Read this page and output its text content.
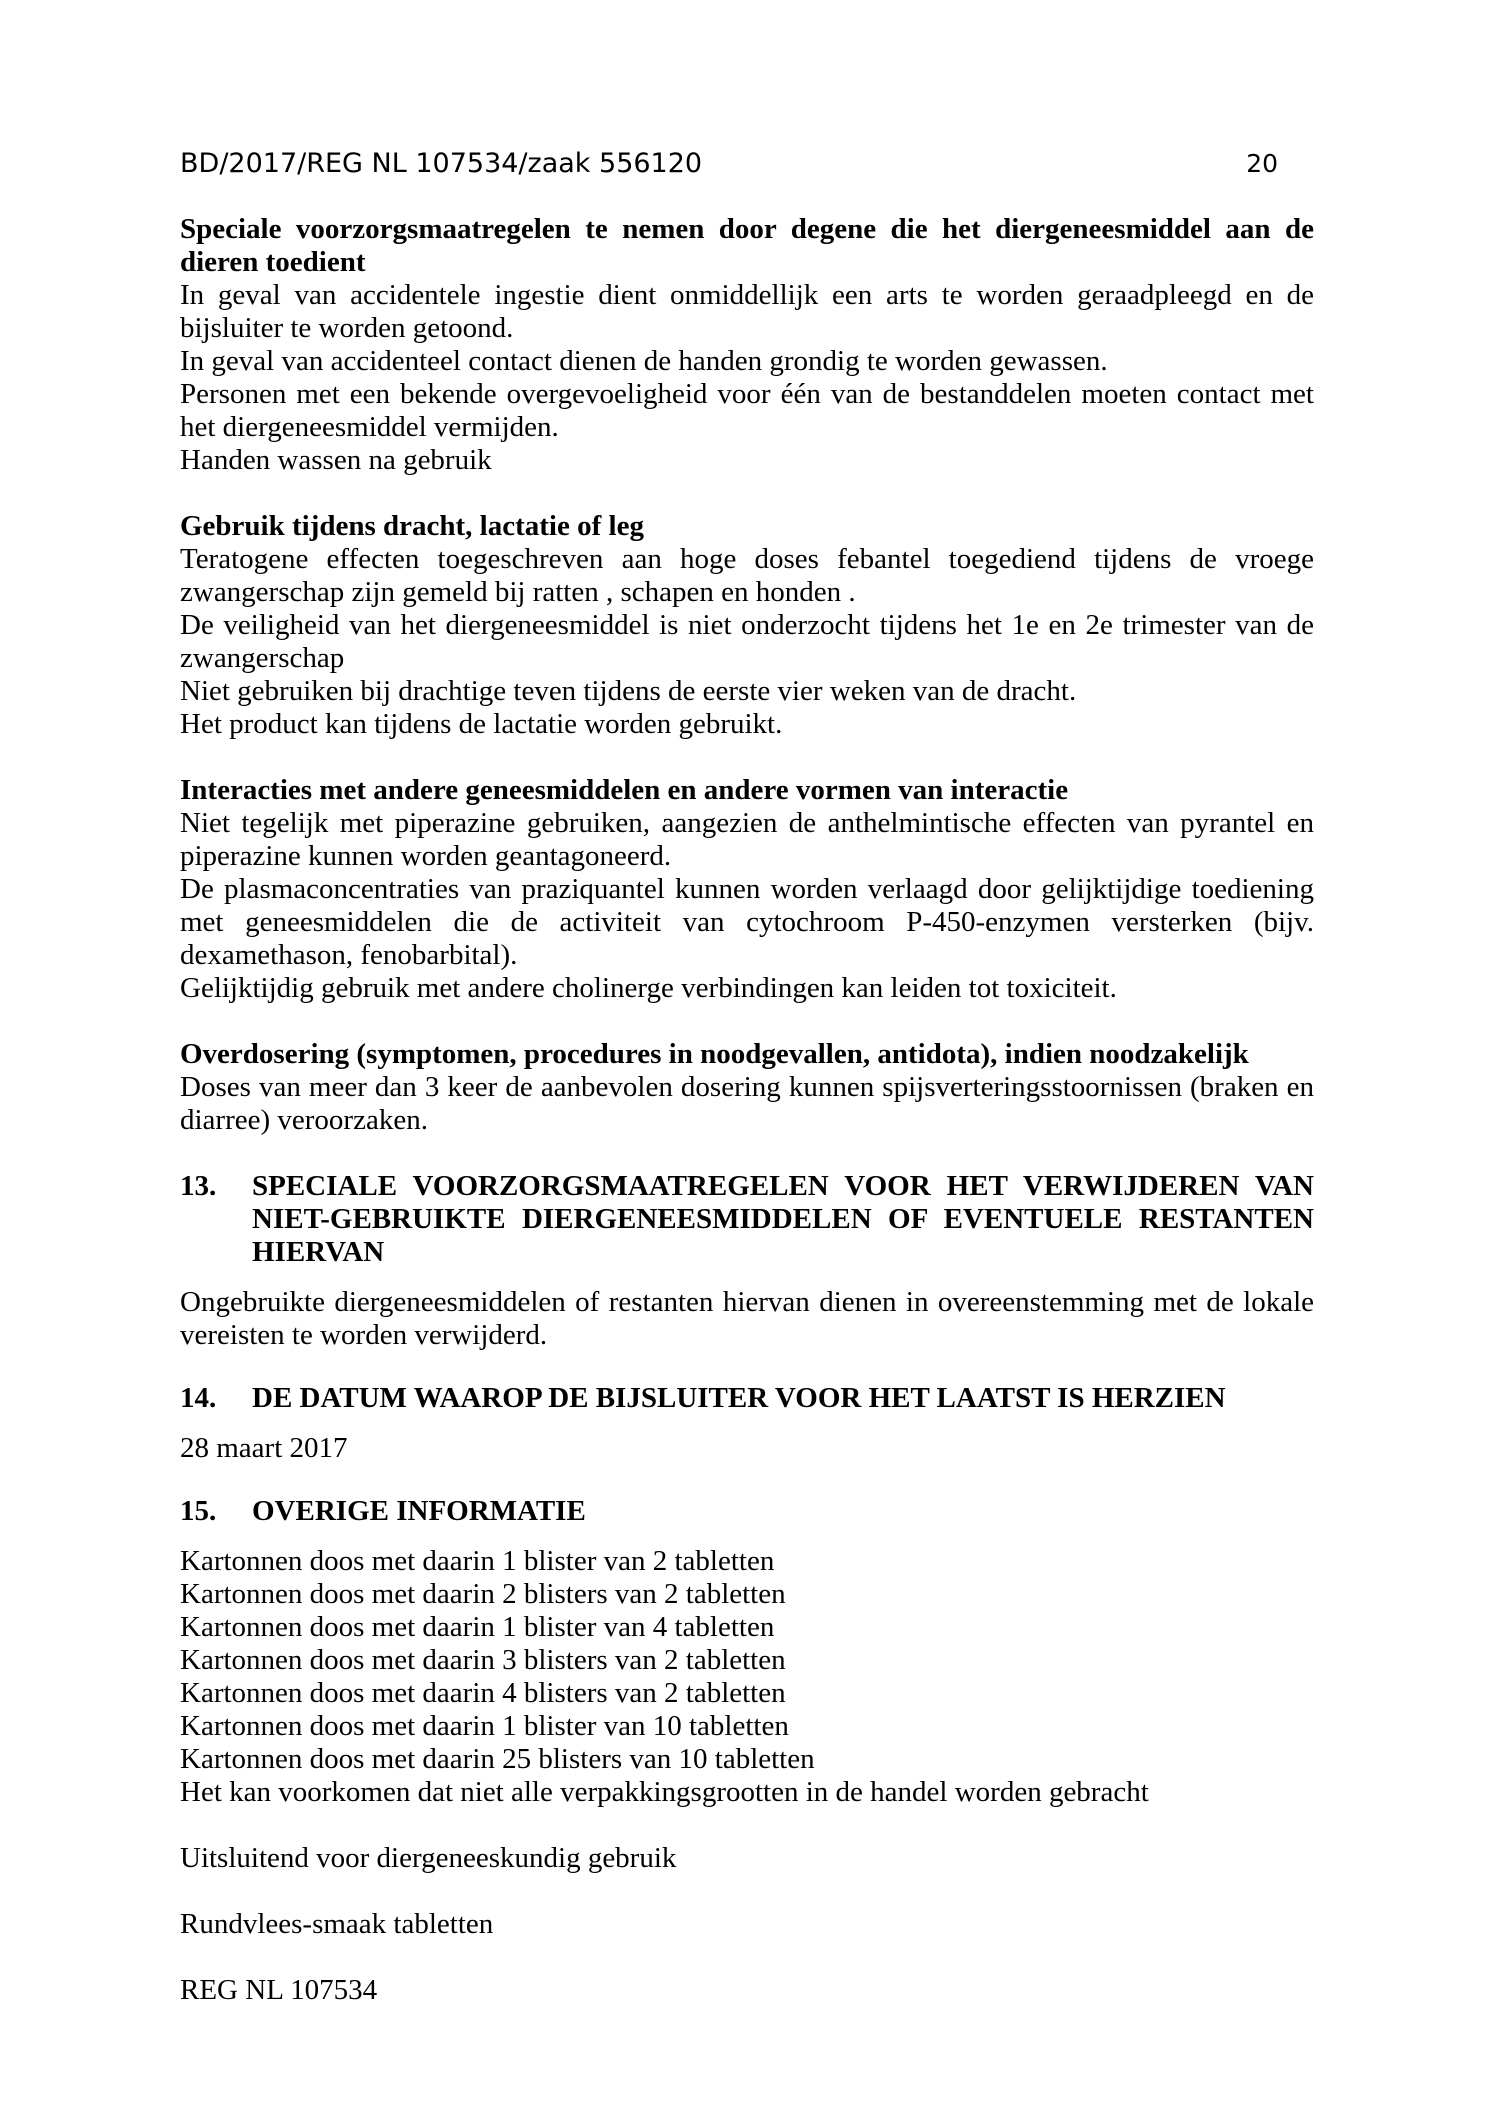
BD/2017/REG NL 107534/zaak 556120	20
Speciale voorzorgsmaatregelen te nemen door degene die het diergeneesmiddel aan de dieren toedient

In geval van accidentele ingestie dient onmiddellijk een arts te worden geraadpleegd en de bijsluiter te worden getoond.

In geval van accidenteel contact dienen de handen grondig te worden gewassen.

Personen met een bekende overgevoeligheid voor één van de bestanddelen moeten contact met het diergeneesmiddel vermijden.

Handen wassen na gebruik

Gebruik tijdens dracht, lactatie of leg

Teratogene effecten toegeschreven aan hoge doses febantel toegediend tijdens de vroege zwangerschap zijn gemeld bij ratten , schapen en honden .

De veiligheid van het diergeneesmiddel is niet onderzocht tijdens het 1e en 2e trimester van de zwangerschap

Niet gebruiken bij drachtige teven tijdens de eerste vier weken van de dracht.

Het product kan tijdens de lactatie worden gebruikt.

Interacties met andere geneesmiddelen en andere vormen van interactie

Niet tegelijk met piperazine gebruiken, aangezien de anthelmintische effecten van pyrantel en piperazine kunnen worden geantagoneerd.

De plasmaconcentraties van praziquantel kunnen worden verlaagd door gelijktijdige toediening met geneesmiddelen die de activiteit van cytochroom P-450-enzymen versterken (bijv. dexamethason, fenobarbital).

Gelijktijdig gebruik met andere cholinerge verbindingen kan leiden tot toxiciteit.

Overdosering (symptomen, procedures in noodgevallen, antidota), indien noodzakelijk

Doses van meer dan 3 keer de aanbevolen dosering kunnen spijsverteringsstoornissen (braken en diarree) veroorzaken.

13.	SPECIALE VOORZORGSMAATREGELEN VOOR HET VERWIJDEREN VAN NIET-GEBRUIKTE DIERGENEESMIDDELEN OF EVENTUELE RESTANTEN HIERVAN

Ongebruikte diergeneesmiddelen of restanten hiervan dienen in overeenstemming met de lokale vereisten te worden verwijderd.

14.	DE DATUM WAAROP DE BIJSLUITER VOOR HET LAATST IS HERZIEN

28 maart 2017

15.	OVERIGE INFORMATIE

Kartonnen doos met daarin 1 blister van 2 tabletten

Kartonnen doos met daarin 2 blisters van 2 tabletten

Kartonnen doos met daarin 1 blister van 4 tabletten

Kartonnen doos met daarin 3 blisters van 2 tabletten

Kartonnen doos met daarin 4 blisters van 2 tabletten

Kartonnen doos met daarin 1 blister van 10 tabletten

Kartonnen doos met daarin 25 blisters van 10 tabletten

Het kan voorkomen dat niet alle verpakkingsgrootten in de handel worden gebracht

Uitsluitend voor diergeneeskundig gebruik

Rundvlees-smaak tabletten

REG NL 107534
